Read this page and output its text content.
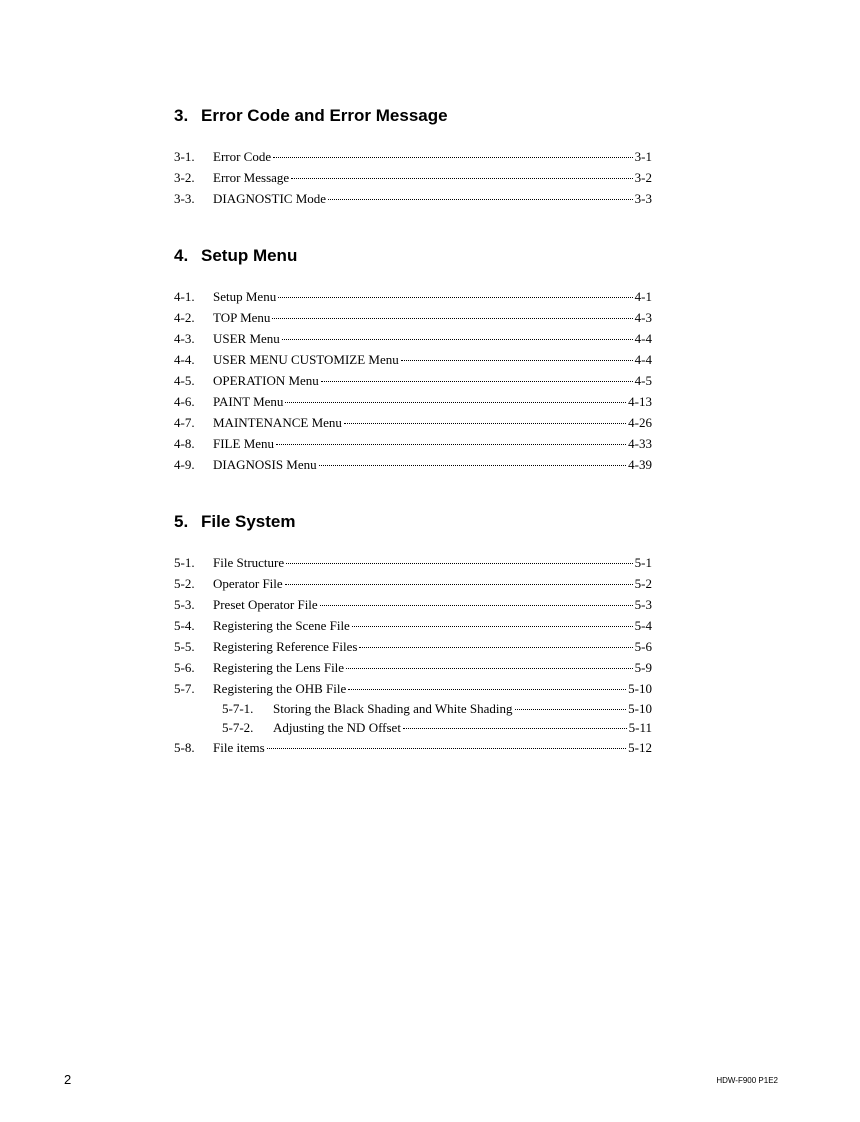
3. Error Code and Error Message
3-1.	Error Code	3-1
3-2.	Error Message	3-2
3-3.	DIAGNOSTIC Mode	3-3
4. Setup Menu
4-1.	Setup Menu	4-1
4-2.	TOP Menu	4-3
4-3.	USER Menu	4-4
4-4.	USER MENU CUSTOMIZE Menu	4-4
4-5.	OPERATION Menu	4-5
4-6.	PAINT Menu	4-13
4-7.	MAINTENANCE Menu	4-26
4-8.	FILE Menu	4-33
4-9.	DIAGNOSIS Menu	4-39
5. File System
5-1.	File Structure	5-1
5-2.	Operator File	5-2
5-3.	Preset Operator File	5-3
5-4.	Registering the Scene File	5-4
5-5.	Registering Reference Files	5-6
5-6.	Registering the Lens File	5-9
5-7.	Registering the OHB File	5-10
5-7-1.	Storing the Black Shading and White Shading	5-10
5-7-2.	Adjusting the ND Offset	5-11
5-8.	File items	5-12
2	HDW-F900 P1E2
